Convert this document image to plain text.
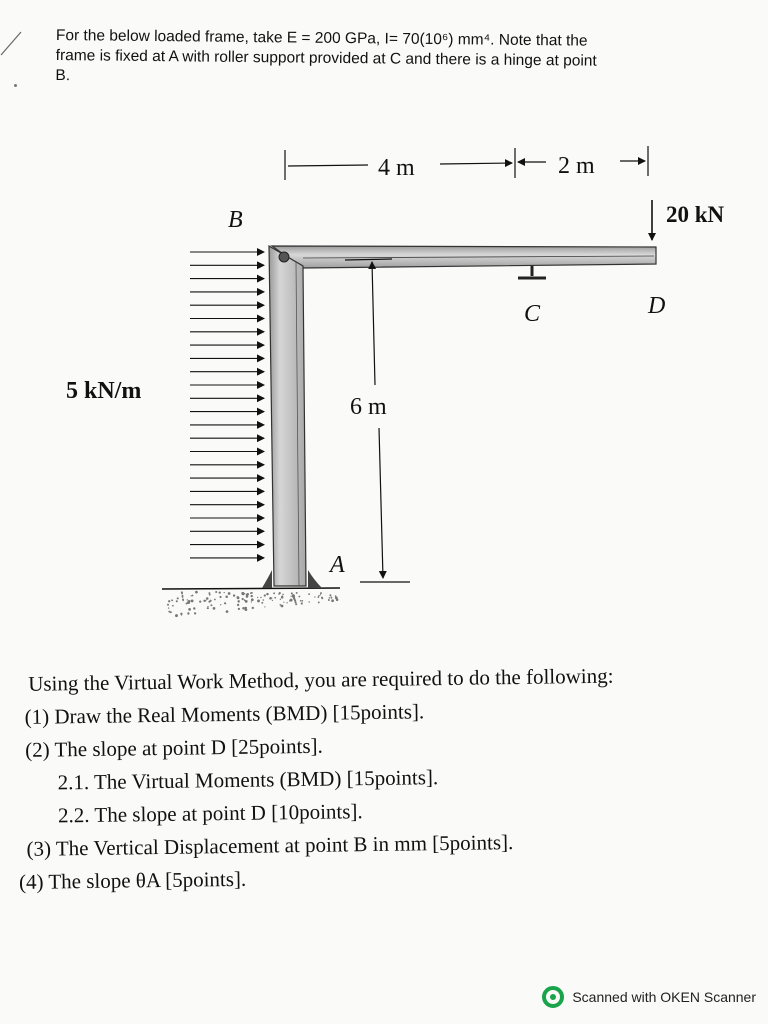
For the below loaded frame, take E = 200 GPa, I= 70(10⁶) mm⁴. Note that the
frame is fixed at A with roller support provided at C and there is a hinge at point
B.
4 m	2 m
20 kN
B
C	D
A
6 m
5 kN/m

Using the Virtual Work Method, you are required to do the following:

(1) Draw the Real Moments (BMD) [15points].

(2) The slope at point D [25points].

2.1. The Virtual Moments (BMD) [15points].

2.2. The slope at point D [10points].

(3) The Vertical Displacement at point B in mm [5points].

(4) The slope θA [5points].

Scanned with OKEN Scanner
